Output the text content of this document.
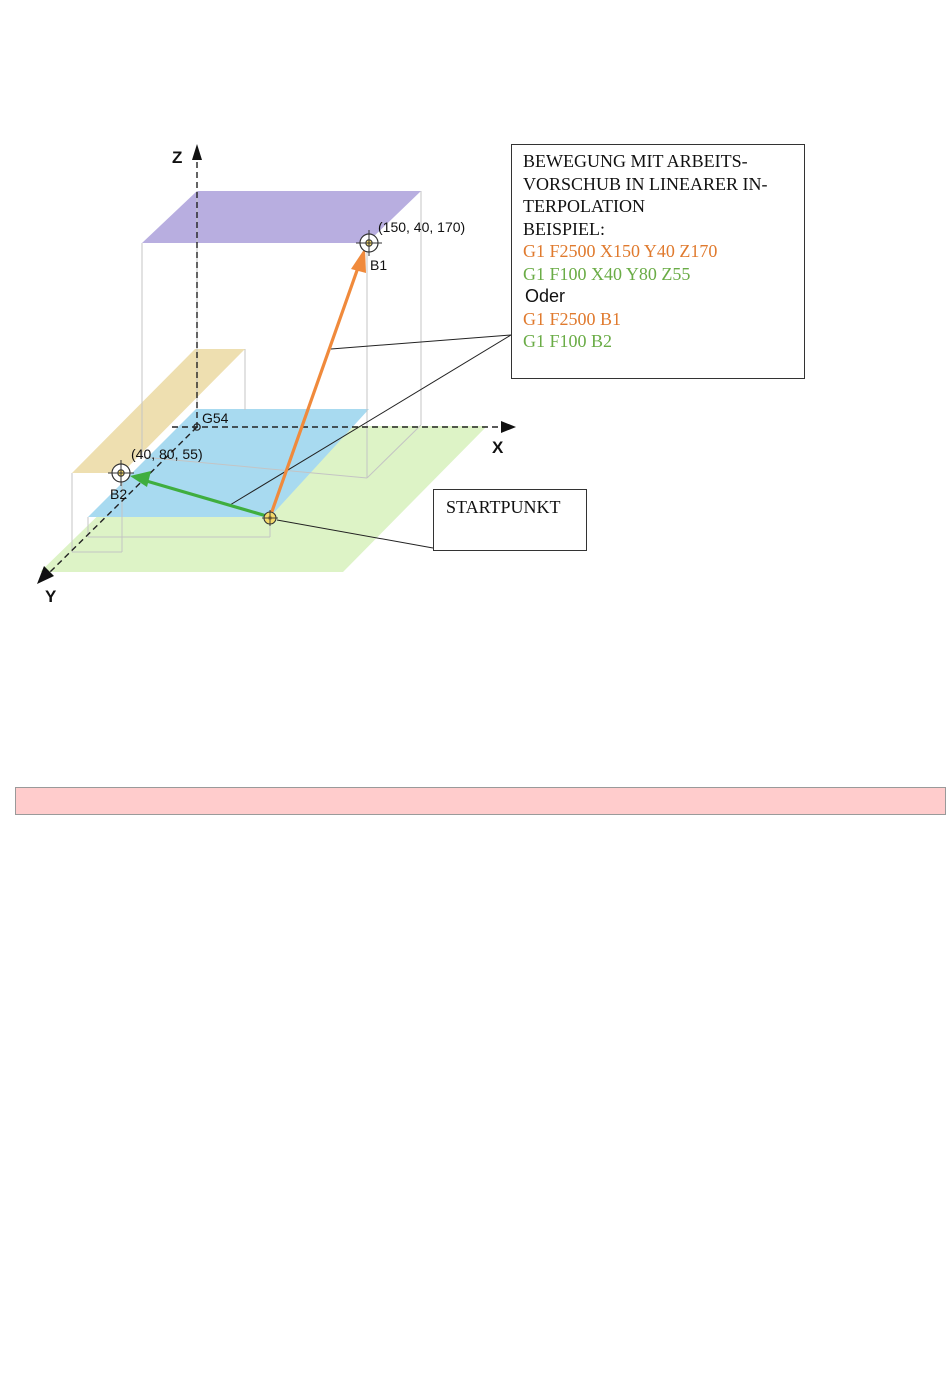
Z
X
Y
G54
(150, 40, 170)
B1
(40, 80, 55)
B2
BEWEGUNG MIT ARBEITS-
VORSCHUB IN LINEARER IN-
TERPOLATION
BEISPIEL:
G1 F2500 X150 Y40 Z170
G1 F100 X40 Y80 Z55
Oder
G1 F2500 B1
G1 F100 B2
STARTPUNKT
